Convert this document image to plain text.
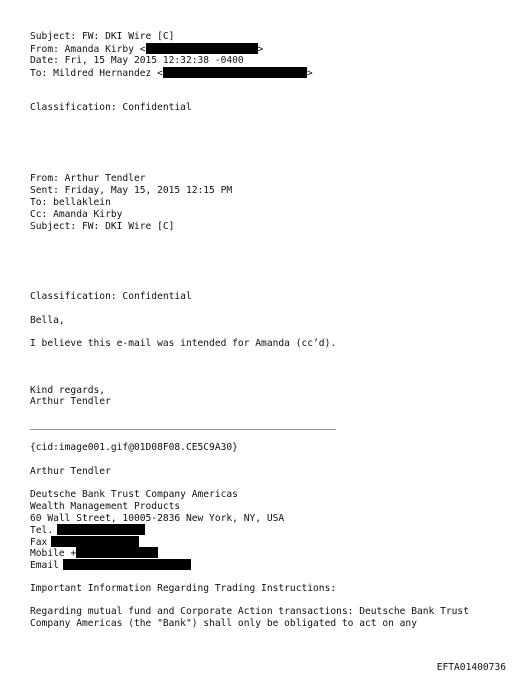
Subject: FW: DKI Wire [C]
From: Amanda Kirby <	>
Date: Fri, 15 May 2015 12:32:38 -0400
To: Mildred Hernandez <	>
Classification: Confidential
From: Arthur Tendler
Sent: Friday, May 15, 2015 12:15 PM
To: bellaklein
Cc: Amanda Kirby
Subject: FW: DKI Wire [C]
Classification: Confidential
Bella,
I believe this e-mail was intended for Amanda (cc’d).
Kind regards,
Arthur Tendler
{cid:image001.gif@01D08F08.CE5C9A30}
Arthur Tendler
Deutsche Bank Trust Company Americas
Wealth Management Products
60 Wall Street, 10005-2836 New York, NY, USA
Tel.
Fax
Mobile +
Email
Important Information Regarding Trading Instructions:
Regarding mutual fund and Corporate Action transactions: Deutsche Bank Trust
Company Americas (the "Bank") shall only be obligated to act on any
EFTA01400736
